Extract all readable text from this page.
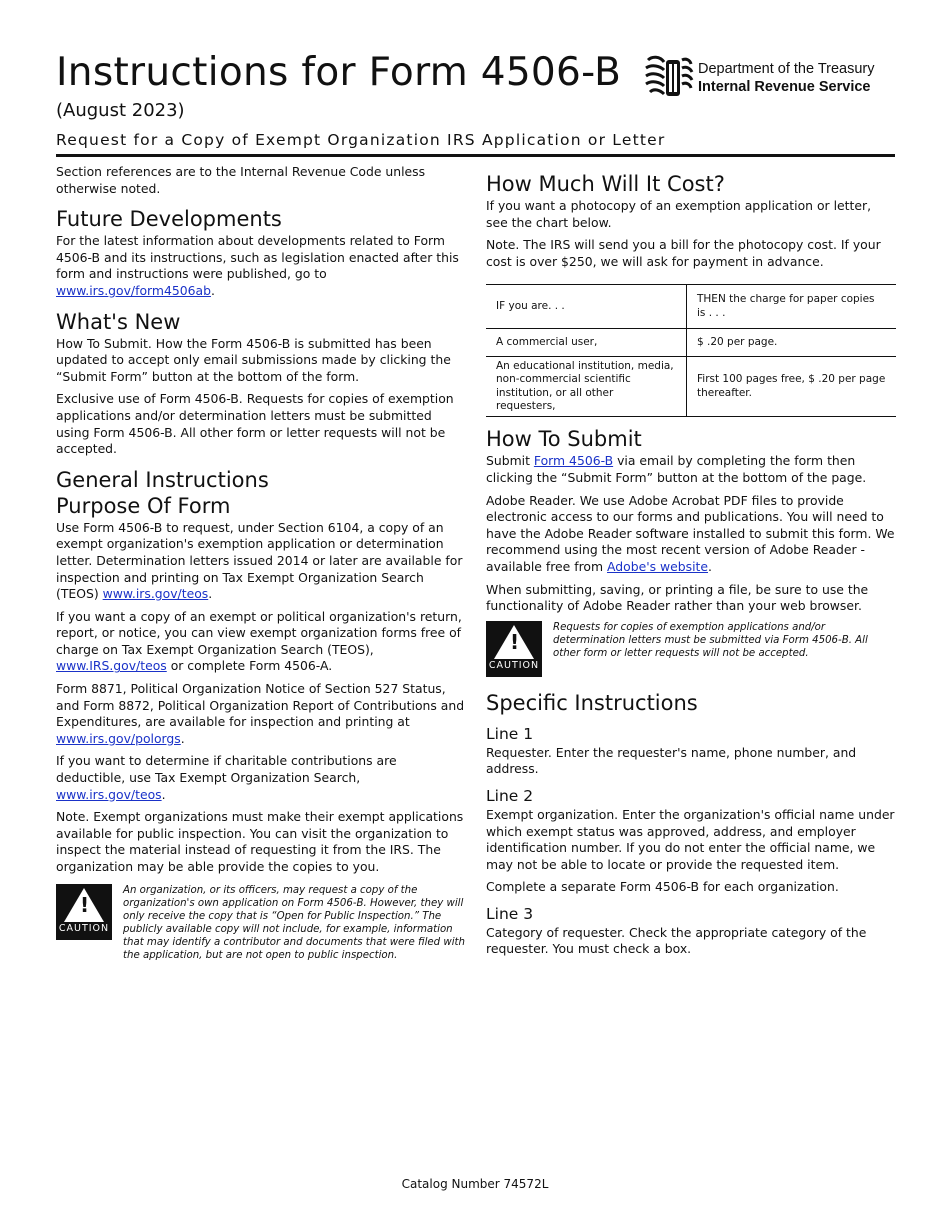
Instructions for Form 4506-B
(August 2023)
Request for a Copy of Exempt Organization IRS Application or Letter
Department of the Treasury
Internal Revenue Service

Section references are to the Internal Revenue Code unless otherwise noted.

Future Developments

For the latest information about developments related to Form 4506-B and its instructions, such as legislation enacted after this form and instructions were published, go to www.irs.gov/form4506ab.

What's New

How To Submit. How the Form 4506-B is submitted has been updated to accept only email submissions made by clicking the “Submit Form” button at the bottom of the form.

Exclusive use of Form 4506-B. Requests for copies of exemption applications and/or determination letters must be submitted using Form 4506-B. All other form or letter requests will not be accepted.

General Instructions
Purpose Of Form

Use Form 4506-B to request, under Section 6104, a copy of an exempt organization's exemption application or determination letter. Determination letters issued 2014 or later are available for inspection and printing on Tax Exempt Organization Search (TEOS) www.irs.gov/teos.

If you want a copy of an exempt or political organization's return, report, or notice, you can view exempt organization forms free of charge on Tax Exempt Organization Search (TEOS), www.IRS.gov/teos or complete Form 4506-A.

Form 8871, Political Organization Notice of Section 527 Status, and Form 8872, Political Organization Report of Contributions and Expenditures, are available for inspection and printing at www.irs.gov/polorgs.

If you want to determine if charitable contributions are deductible, use Tax Exempt Organization Search, www.irs.gov/teos.

Note. Exempt organizations must make their exempt applications available for public inspection. You can visit the organization to inspect the material instead of requesting it from the IRS. The organization may be able provide the copies to you.

!
CAUTION
An organization, or its officers, may request a copy of the organization's own application on Form 4506-B. However, they will only receive the copy that is “Open for Public Inspection.” The publicly available copy will not include, for example, information that may identify a contributor and documents that were filed with the application, but are not open to public inspection.
How Much Will It Cost?

If you want a photocopy of an exemption application or letter, see the chart below.

Note. The IRS will send you a bill for the photocopy cost. If your cost is over $250, we will ask for payment in advance.

IF you are. . .	THEN the charge for paper copies is . . .
A commercial user,	$ .20 per page.
An educational institution, media, non-commercial scientific institution, or all other requesters,	First 100 pages free, $ .20 per page thereafter.
How To Submit

Submit Form 4506-B via email by completing the form then clicking the “Submit Form” button at the bottom of the page.

Adobe Reader. We use Adobe Acrobat PDF files to provide electronic access to our forms and publications. You will need to have the Adobe Reader software installed to submit this form. We recommend using the most recent version of Adobe Reader - available free from Adobe's website.

When submitting, saving, or printing a file, be sure to use the functionality of Adobe Reader rather than your web browser.

!
CAUTION
Requests for copies of exemption applications and/or determination letters must be submitted via Form 4506-B. All other form or letter requests will not be accepted.
Specific Instructions
Line 1

Requester. Enter the requester's name, phone number, and address.

Line 2

Exempt organization. Enter the organization's official name under which exempt status was approved, address, and employer identification number. If you do not enter the official name, we may not be able to locate or provide the requested item.

Complete a separate Form 4506-B for each organization.

Line 3

Category of requester. Check the appropriate category of the requester. You must check a box.

Catalog Number 74572L
